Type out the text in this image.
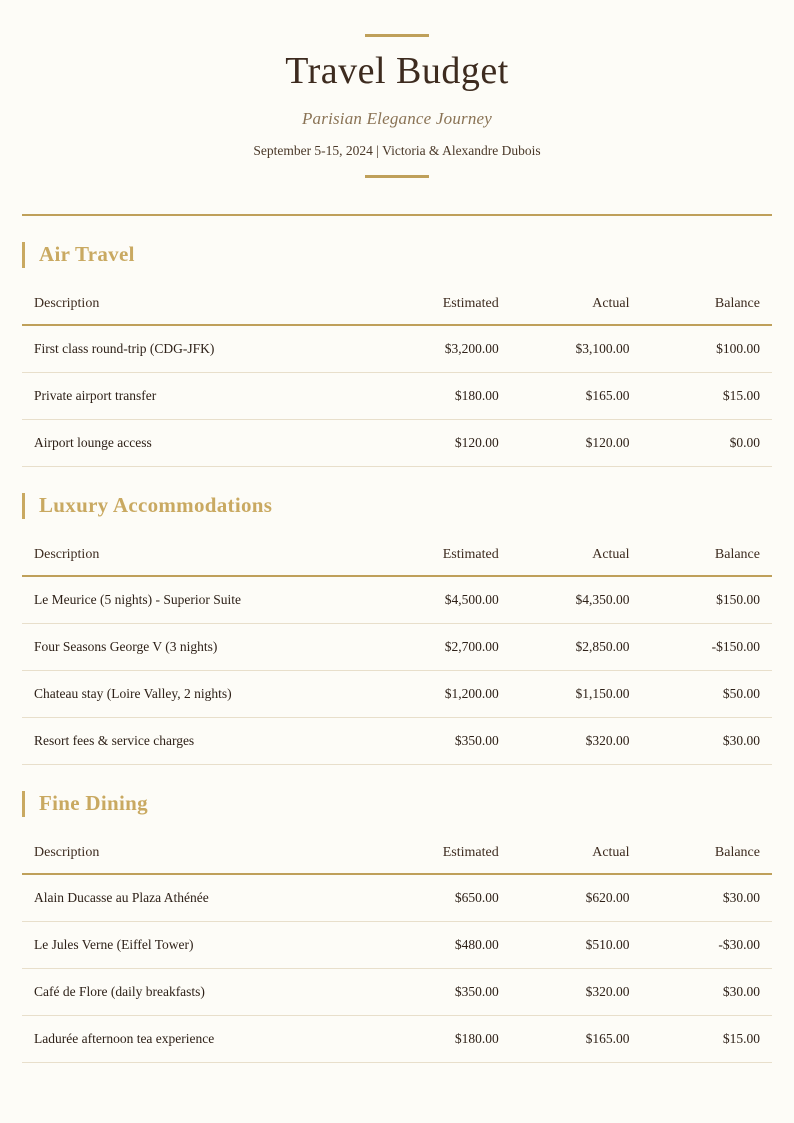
Travel Budget
Parisian Elegance Journey
September 5-15, 2024 | Victoria & Alexandre Dubois
Air Travel
Description	Estimated	Actual	Balance
First class round-trip (CDG-JFK)	$3,200.00	$3,100.00	$100.00
Private airport transfer	$180.00	$165.00	$15.00
Airport lounge access	$120.00	$120.00	$0.00
Luxury Accommodations
Description	Estimated	Actual	Balance
Le Meurice (5 nights) - Superior Suite	$4,500.00	$4,350.00	$150.00
Four Seasons George V (3 nights)	$2,700.00	$2,850.00	-$150.00
Chateau stay (Loire Valley, 2 nights)	$1,200.00	$1,150.00	$50.00
Resort fees & service charges	$350.00	$320.00	$30.00
Fine Dining
Description	Estimated	Actual	Balance
Alain Ducasse au Plaza Athénée	$650.00	$620.00	$30.00
Le Jules Verne (Eiffel Tower)	$480.00	$510.00	-$30.00
Café de Flore (daily breakfasts)	$350.00	$320.00	$30.00
Ladurée afternoon tea experience	$180.00	$165.00	$15.00
